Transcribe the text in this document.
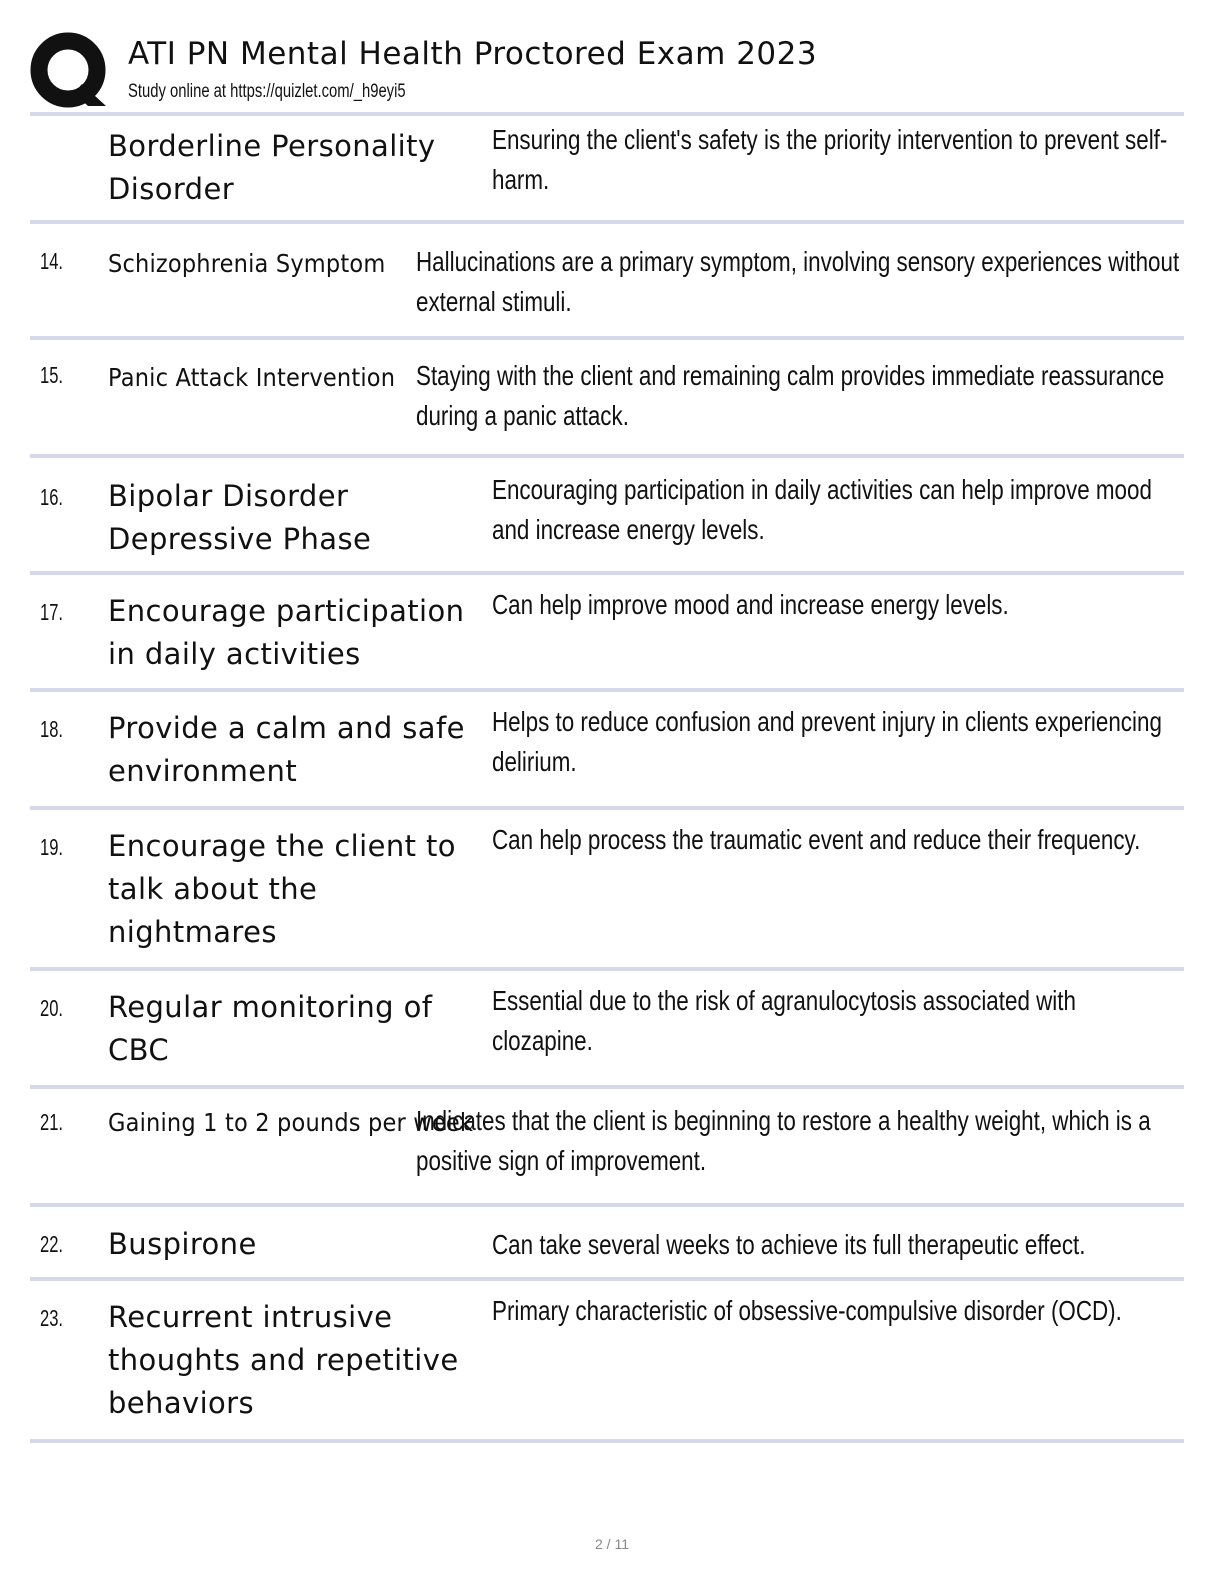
ATI PN Mental Health Proctored Exam 2023
Study online at https://quizlet.com/_h9eyi5
Borderline Personality Disorder
Ensuring the client's safety is the priority intervention to prevent self-harm.
14. Schizophrenia Symptom	Hallucinations are a primary symptom, involving sensory experiences without external stimuli.
15. Panic Attack Intervention Staying with the client and remaining calm provides immediate reassurance during a panic attack.
16. Bipolar Disorder Depressive Phase
Encouraging participation in daily activities can help improve mood and increase energy levels.
17. Encourage participation in daily activities
Can help improve mood and increase energy levels.
18. Provide a calm and safe environment
Helps to reduce confusion and prevent injury in clients experiencing delirium.
19. Encourage the client to talk about the nightmares
Can help process the traumatic event and reduce their frequency.
20. Regular monitoring of CBC
Essential due to the risk of agranulocytosis associated with clozapine.
21. Gaining 1 to 2 pounds per week
Indicates that the client is beginning to restore a healthy weight, which is a positive sign of improvement.
22. Buspirone	Can take several weeks to achieve its full therapeutic effect.
23. Recurrent intrusive thoughts and repetitive behaviors
Primary characteristic of obsessive-compulsive disorder (OCD).
2 / 11
